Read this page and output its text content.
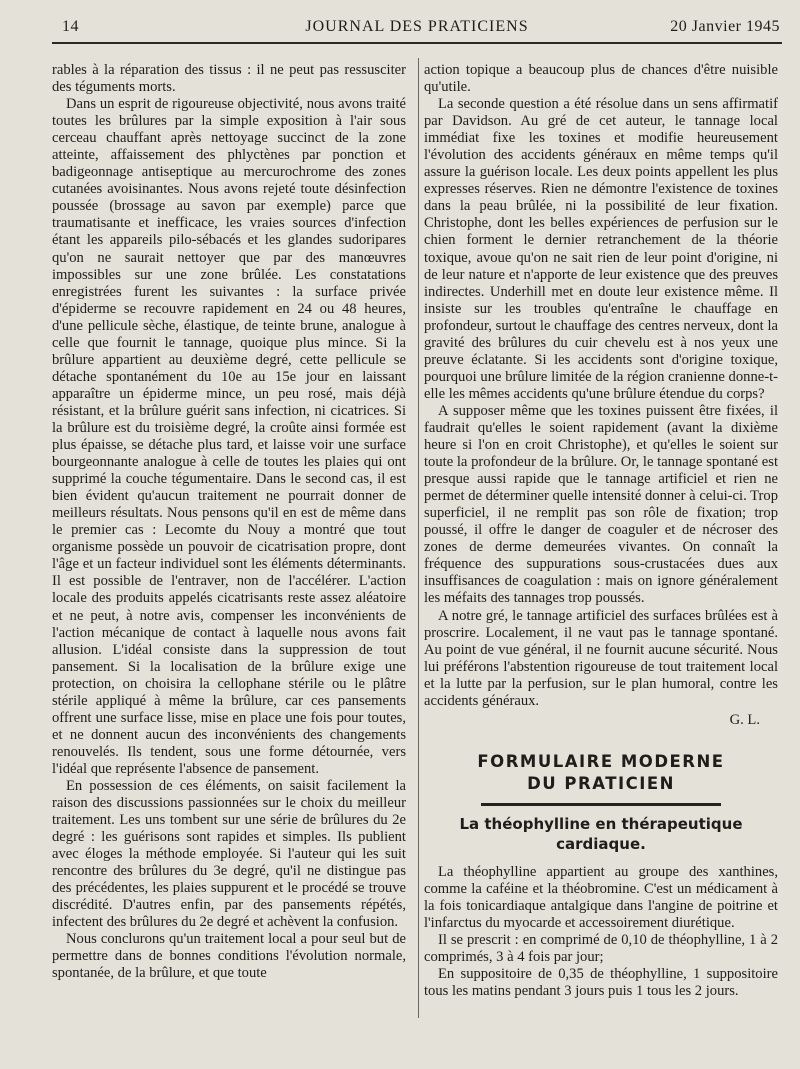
14	JOURNAL DES PRATICIENS	20 Janvier 1945

rables à la réparation des tissus : il ne peut pas ressusciter des téguments morts.

Dans un esprit de rigoureuse objectivité, nous avons traité toutes les brûlures par la simple exposition à l'air sous cerceau chauffant après nettoyage succinct de la zone atteinte, affaissement des phlyctènes par ponction et badigeonnage antiseptique au mercurochrome des zones cutanées avoisinantes. Nous avons rejeté toute désinfection poussée (brossage au savon par exemple) parce que traumatisante et inefficace, les vraies sources d'infection étant les appareils pilo-sébacés et les glandes sudoripares qu'on ne saurait nettoyer que par des manœuvres impossibles sur une zone brûlée. Les constatations enregistrées furent les suivantes : la surface privée d'épiderme se recouvre rapidement en 24 ou 48 heures, d'une pellicule sèche, élastique, de teinte brune, analogue à celle que fournit le tannage, quoique plus mince. Si la brûlure appartient au deuxième degré, cette pellicule se détache spontanément du 10e au 15e jour en laissant apparaître un épiderme mince, un peu rosé, mais déjà résistant, et la brûlure guérit sans infection, ni cicatrices. Si la brûlure est du troisième degré, la croûte ainsi formée est plus épaisse, se détache plus tard, et laisse voir une surface bourgeonnante analogue à celle de toutes les plaies qui ont supprimé la couche tégumentaire. Dans le second cas, il est bien évident qu'aucun traitement ne pourrait donner de meilleurs résultats. Nous pensons qu'il en est de même dans le premier cas : Lecomte du Nouy a montré que tout organisme possède un pouvoir de cicatrisation propre, dont l'âge et un facteur individuel sont les éléments déterminants. Il est possible de l'entraver, non de l'accélérer. L'action locale des produits appelés cicatrisants reste assez aléatoire et ne peut, à notre avis, compenser les inconvénients de l'action mécanique de contact à laquelle nous avons fait allusion. L'idéal consiste dans la suppression de tout pansement. Si la localisation de la brûlure exige une protection, on choisira la cellophane stérile ou le plâtre stérile appliqué à même la brûlure, car ces pansements offrent une surface lisse, mise en place une fois pour toutes, et ne donnent aucun des inconvénients des changements renouvelés. Ils tendent, sous une forme détournée, vers l'idéal que représente l'absence de pansement.

En possession de ces éléments, on saisit facilement la raison des discussions passionnées sur le choix du meilleur traitement. Les uns tombent sur une série de brûlures du 2e degré : les guérisons sont rapides et simples. Ils publient avec éloges la méthode employée. Si l'auteur qui les suit rencontre des brûlures du 3e degré, qu'il ne distingue pas des précédentes, les plaies suppurent et le procédé se trouve discrédité. D'autres enfin, par des pansements répétés, infectent des brûlures du 2e degré et achèvent la confusion.

Nous conclurons qu'un traitement local a pour seul but de permettre dans de bonnes conditions l'évolution normale, spontanée, de la brûlure, et que toute

action topique a beaucoup plus de chances d'être nuisible qu'utile.

La seconde question a été résolue dans un sens affirmatif par Davidson. Au gré de cet auteur, le tannage local immédiat fixe les toxines et modifie heureusement l'évolution des accidents généraux en même temps qu'il assure la guérison locale. Les deux points appellent les plus expresses réserves. Rien ne démontre l'existence de toxines dans la peau brûlée, ni la possibilité de leur fixation. Christophe, dont les belles expériences de perfusion sur le chien forment le dernier retranchement de la théorie toxique, avoue qu'on ne sait rien de leur point d'origine, ni de leur nature et n'apporte de leur existence que des preuves indirectes. Underhill met en doute leur existence même. Il insiste sur les troubles qu'entraîne le chauffage en profondeur, surtout le chauffage des centres nerveux, dont la gravité des brûlures du cuir chevelu est à nos yeux une preuve éclatante. Si les accidents sont d'origine toxique, pourquoi une brûlure limitée de la région cranienne donne-t-elle les mêmes accidents qu'une brûlure étendue du corps?

A supposer même que les toxines puissent être fixées, il faudrait qu'elles le soient rapidement (avant la dixième heure si l'on en croit Christophe), et qu'elles le soient sur toute la profondeur de la brûlure. Or, le tannage spontané est presque aussi rapide que le tannage artificiel et rien ne permet de déterminer quelle intensité donner à celui-ci. Trop superficiel, il ne remplit pas son rôle de fixation; trop poussé, il offre le danger de coaguler et de nécroser des zones de derme demeurées vivantes. On connaît la fréquence des suppurations sous-crustacées dues aux insuffisances de coagulation : mais on ignore généralement les méfaits des tannages trop poussés.

A notre gré, le tannage artificiel des surfaces brûlées est à proscrire. Localement, il ne vaut pas le tannage spontané. Au point de vue général, il ne fournit aucune sécurité. Nous lui préférons l'abstention rigoureuse de tout traitement local et la lutte par la perfusion, sur le plan humoral, contre les accidents généraux.

G. L.
FORMULAIRE MODERNE
DU PRATICIEN
La théophylline en thérapeutique
cardiaque.

La théophylline appartient au groupe des xanthines, comme la caféine et la théobromine. C'est un médicament à la fois tonicardiaque antalgique dans l'angine de poitrine et l'infarctus du myocarde et accessoirement diurétique.

Il se prescrit : en comprimé de 0,10 de théophylline, 1 à 2 comprimés, 3 à 4 fois par jour;

En suppositoire de 0,35 de théophylline, 1 suppositoire tous les matins pendant 3 jours puis 1 tous les 2 jours.
